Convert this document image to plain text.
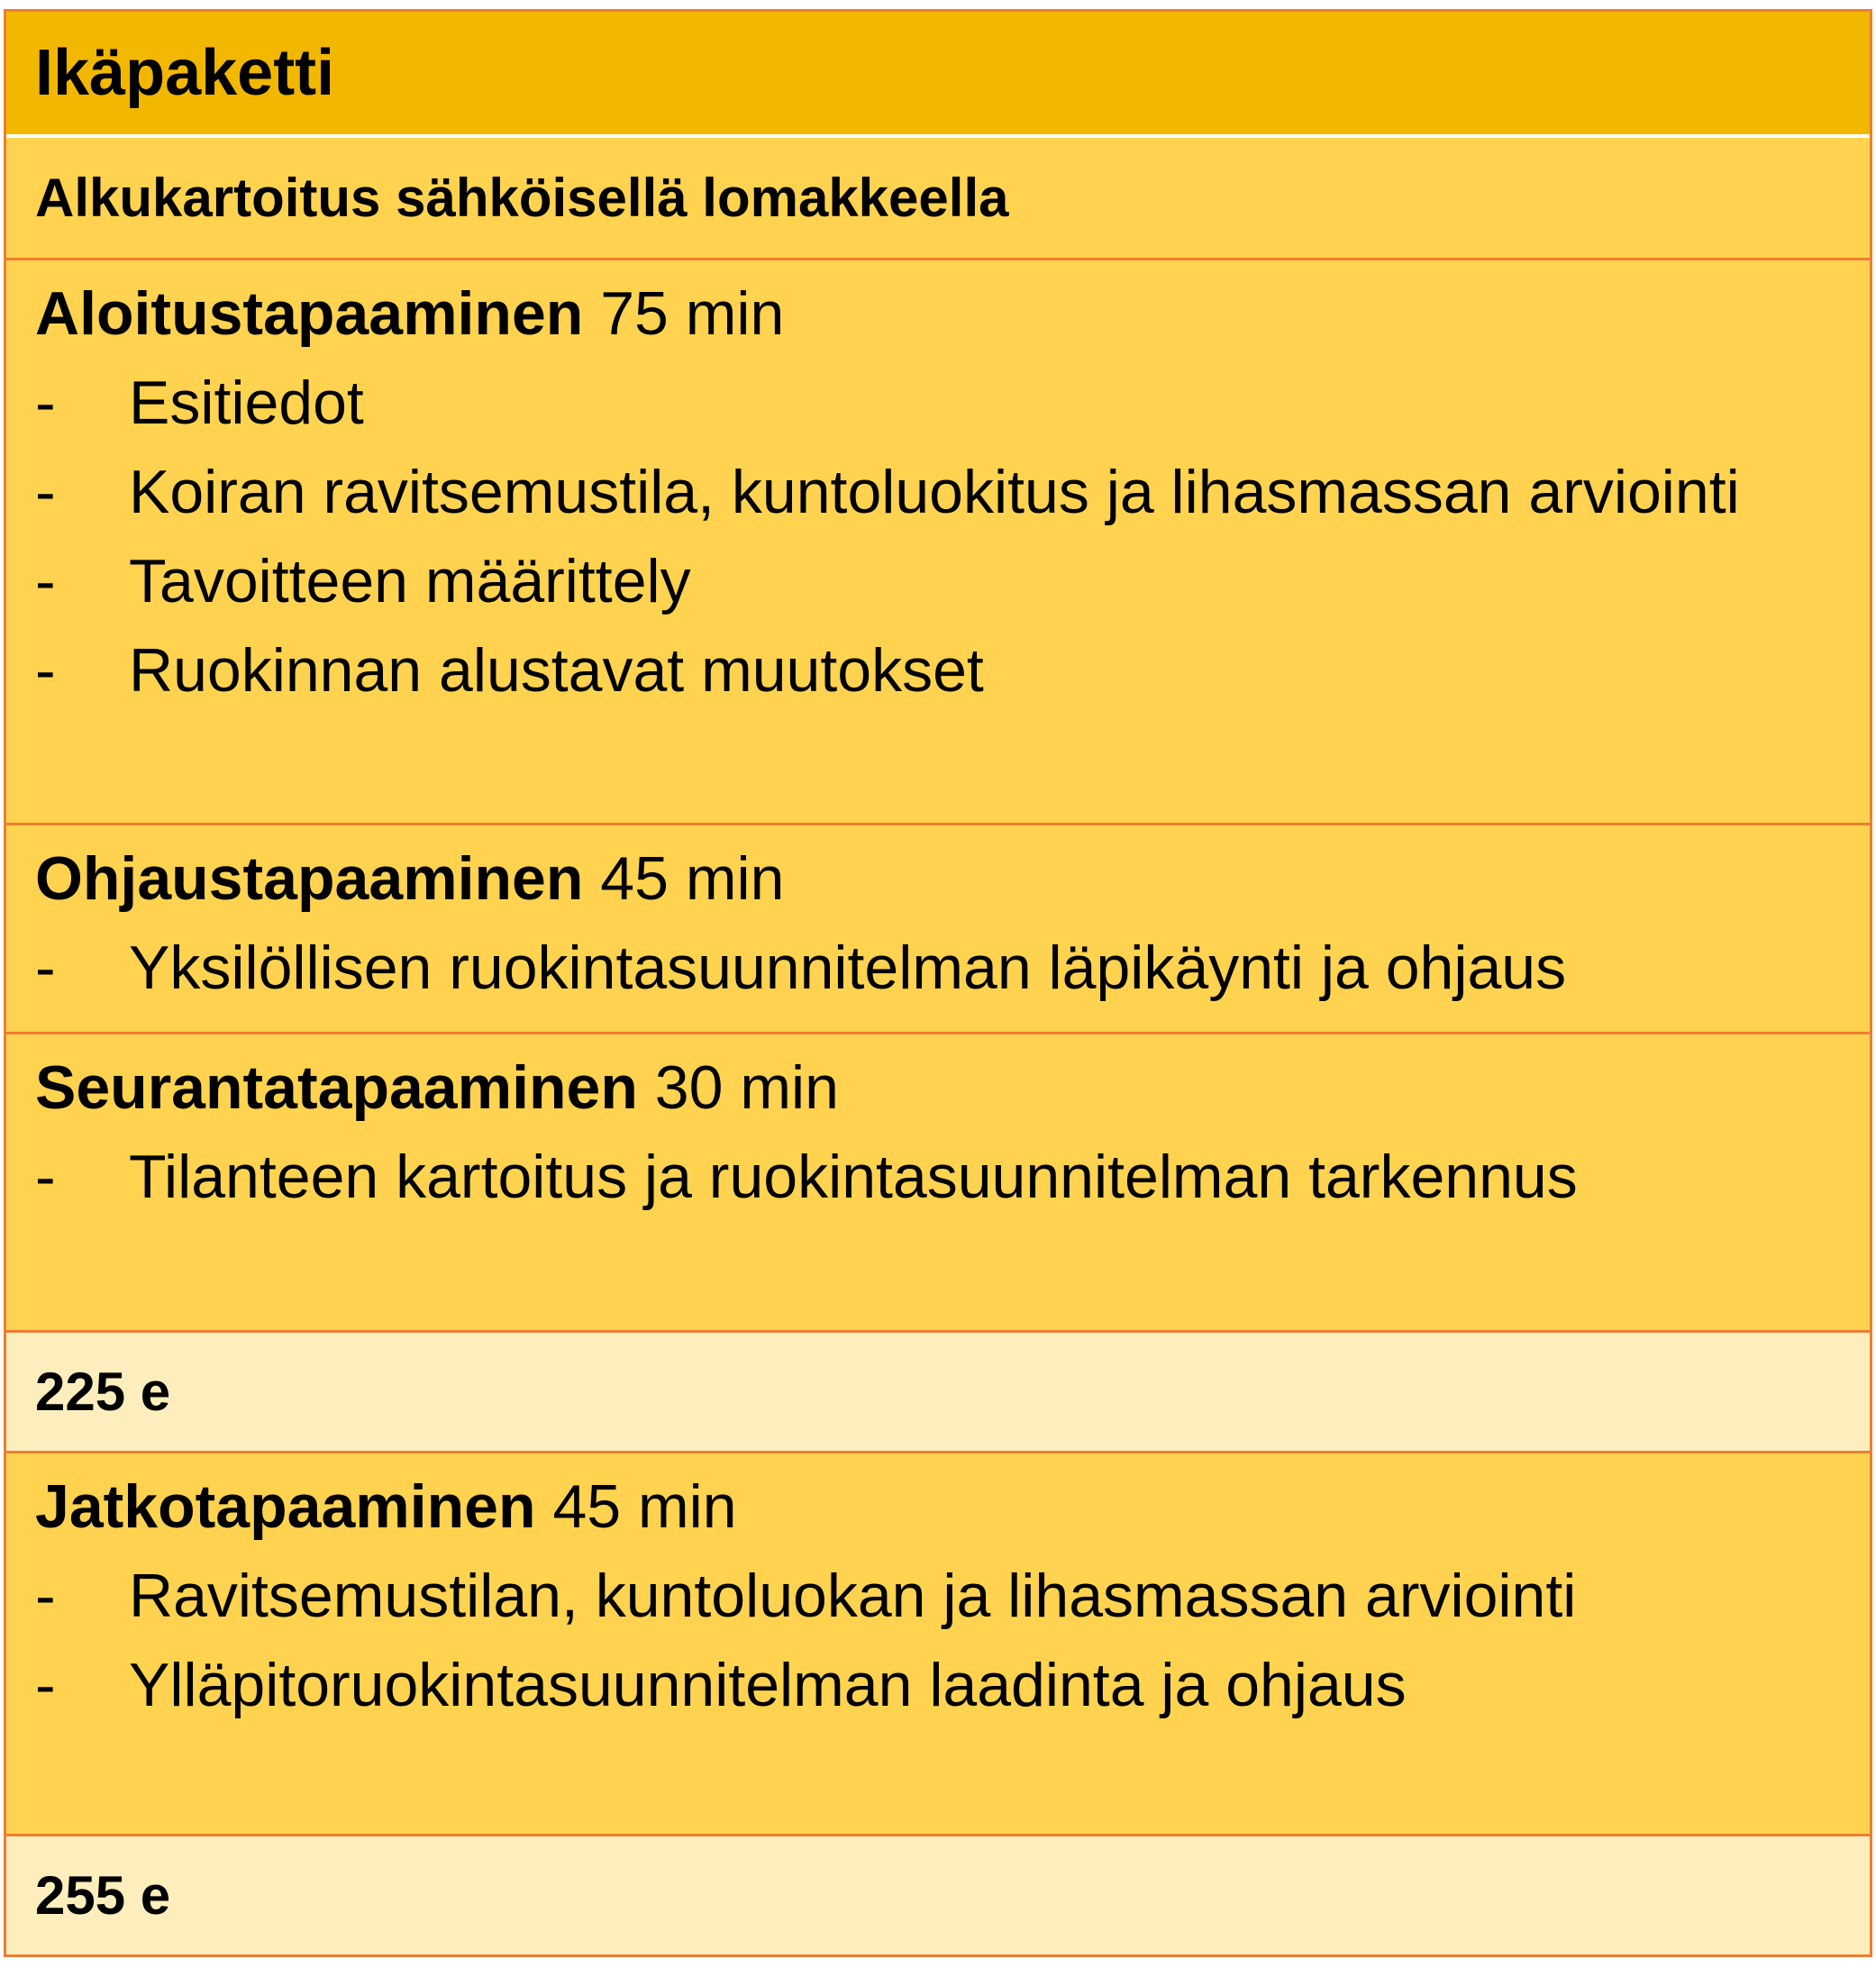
Ikäpaketti
Alkukartoitus sähköisellä lomakkeella
Aloitustapaaminen 75 min
-	Esitiedot
-	Koiran ravitsemustila, kuntoluokitus ja lihasmassan arviointi
-	Tavoitteen määrittely
-	Ruokinnan alustavat muutokset
Ohjaustapaaminen 45 min
-	Yksilöllisen ruokintasuunnitelman läpikäynti ja ohjaus
Seurantatapaaminen 30 min
-	Tilanteen kartoitus ja ruokintasuunnitelman tarkennus
225 e
Jatkotapaaminen 45 min
-	Ravitsemustilan, kuntoluokan ja lihasmassan arviointi
-	Ylläpitoruokintasuunnitelman laadinta ja ohjaus
255 e
